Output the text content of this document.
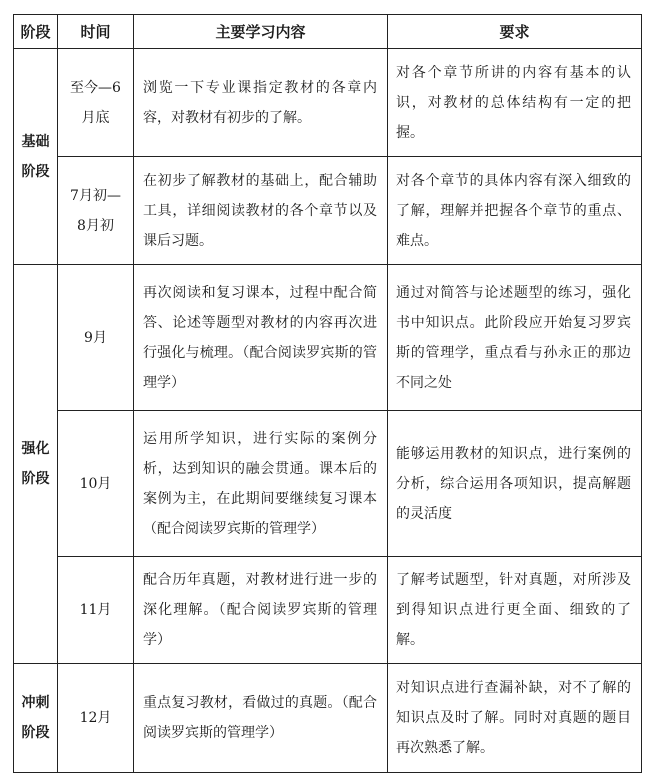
阶段	时间	主要学习内容	要求
基础阶段	至今—6月底	浏览一下专业课指定教材的各章内容，对教材有初步的了解。	对各个章节所讲的内容有基本的认识，对教材的总体结构有一定的把握。

	7月初—8月初	在初步了解教材的基础上，配合辅助工具，详细阅读教材的各个章节以及课后习题。	对各个章节的具体内容有深入细致的了解，理解并把握各个章节的重点、难点。

强化阶段	9月	再次阅读和复习课本，过程中配合简答、论述等题型对教材的内容再次进行强化与梳理。（配合阅读罗宾斯的管理学）	通过对简答与论述题型的练习，强化书中知识点。此阶段应开始复习罗宾斯的管理学，重点看与孙永正的那边不同之处

	10月	运用所学知识，进行实际的案例分析，达到知识的融会贯通。课本后的案例为主，在此期间要继续复习课本（配合阅读罗宾斯的管理学）	能够运用教材的知识点，进行案例的分析，综合运用各项知识，提高解题的灵活度

	11月	配合历年真题，对教材进行进一步的深化理解。（配合阅读罗宾斯的管理学）	了解考试题型，针对真题，对所涉及到得知识点进行更全面、细致的了解。

冲刺阶段	12月	重点复习教材，看做过的真题。（配合阅读罗宾斯的管理学）	对知识点进行查漏补缺，对不了解的知识点及时了解。同时对真题的题目再次熟悉了解。
